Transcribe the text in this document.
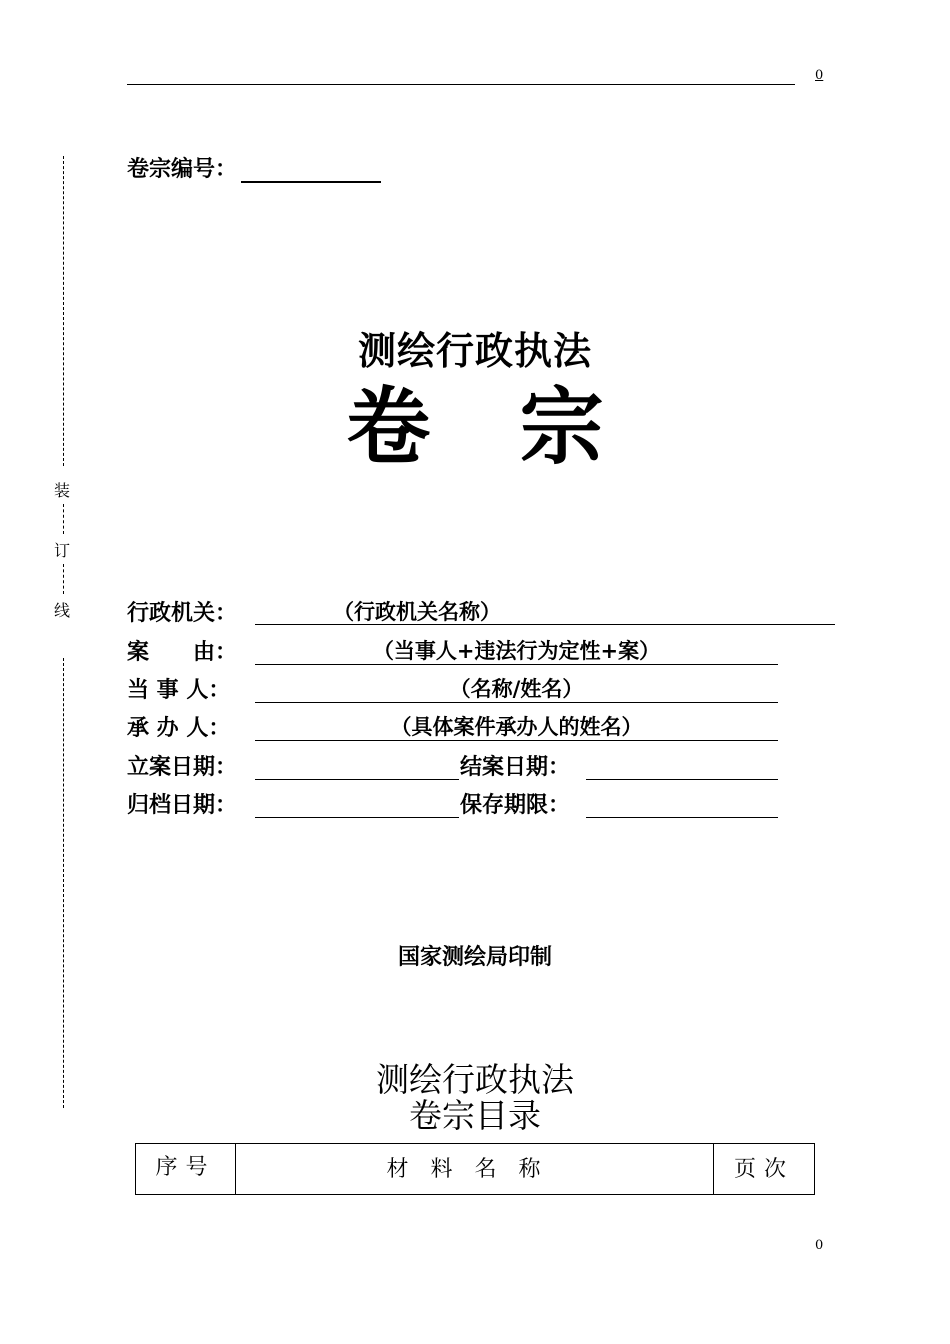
0
装
订
线
卷宗编号：
测绘行政执法
卷 宗
行政机关：	（行政机关名称）
案　　由：	（当事人+违法行为定性+案）
当 事 人：	（名称/姓名）
承 办 人：	（具体案件承办人的姓名）
立案日期：	结案日期：
归档日期：	保存期限：
国家测绘局印制
测绘行政执法
卷宗目录
序号	材料名称	页次
0
